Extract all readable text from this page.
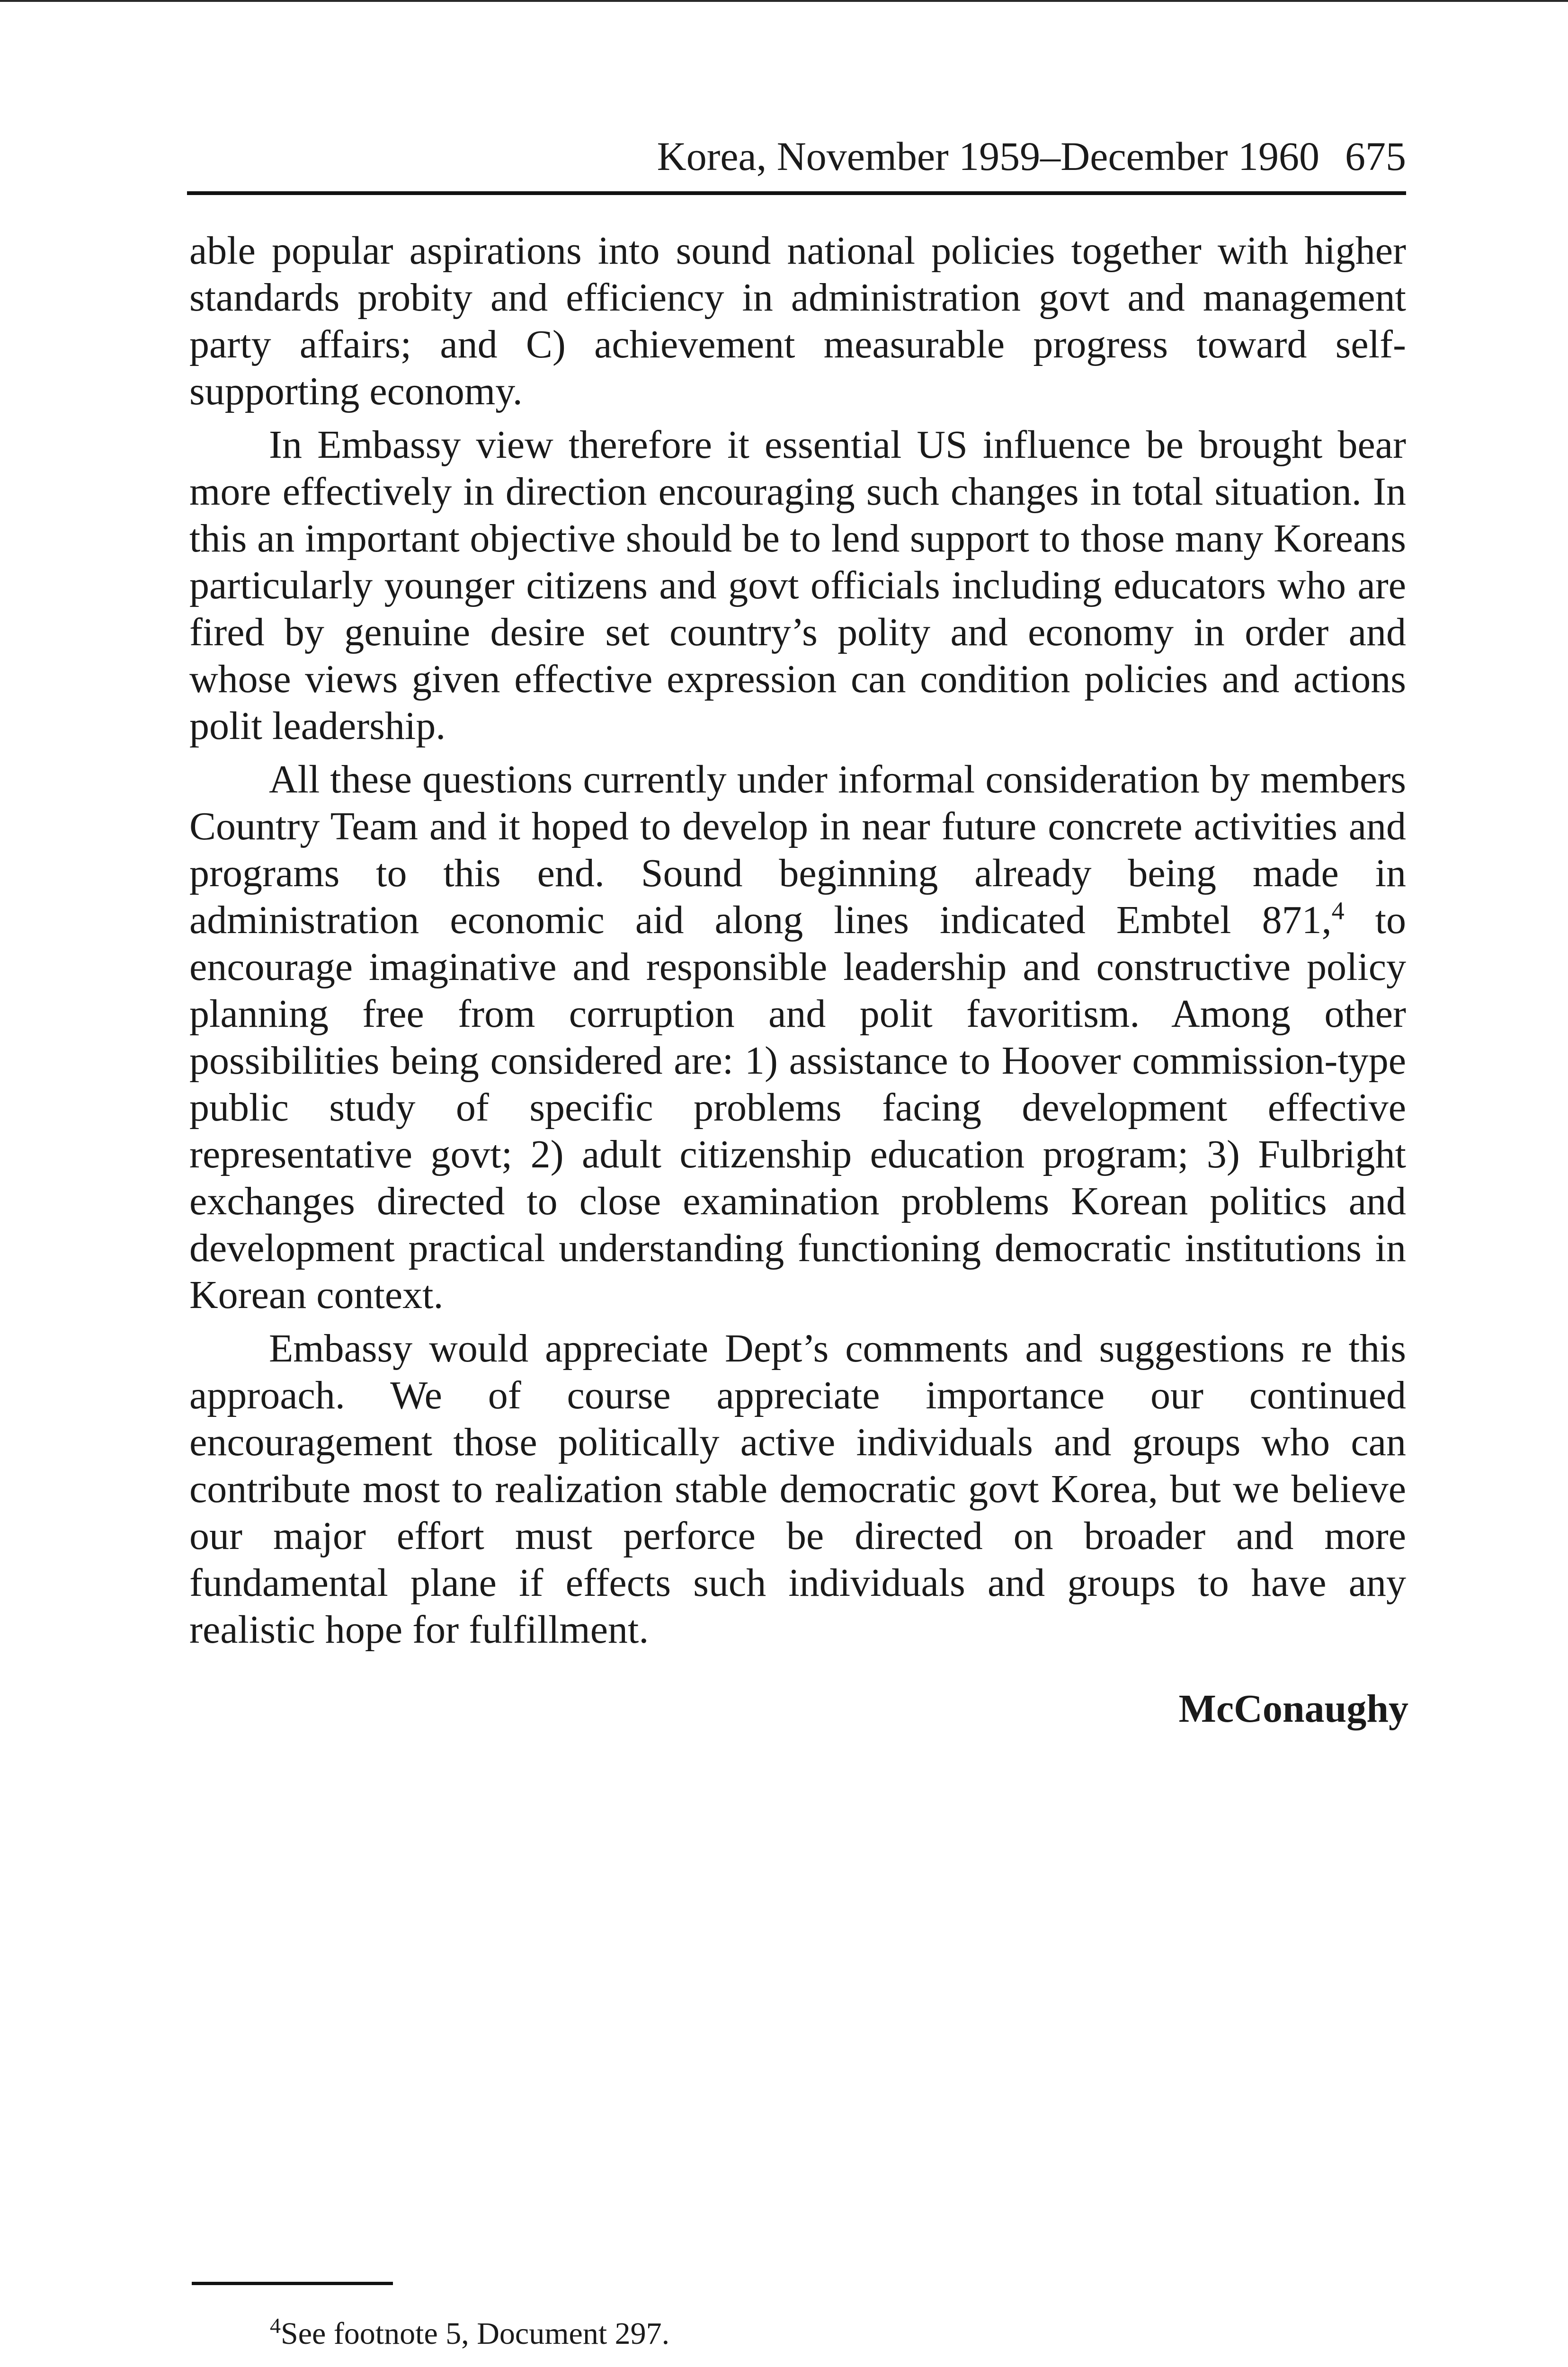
Korea, November 1959–December 1960 675

able popular aspirations into sound national policies together with higher standards probity and efficiency in administration govt and management party affairs; and C) achievement measurable progress toward self-supporting economy.

In Embassy view therefore it essential US influence be brought bear more effectively in direction encouraging such changes in total situation. In this an important objective should be to lend support to those many Koreans particularly younger citizens and govt officials including educators who are fired by genuine desire set country’s polity and economy in order and whose views given effective expression can condition policies and actions polit leadership.

All these questions currently under informal consideration by members Country Team and it hoped to develop in near future concrete activities and programs to this end. Sound beginning already being made in administration economic aid along lines indicated Embtel 871,$^4$ to encourage imaginative and responsible leadership and constructive policy planning free from corruption and polit favoritism. Among other possibilities being considered are: 1) assistance to Hoover commission-type public study of specific problems facing development effective representative govt; 2) adult citizenship education program; 3) Fulbright exchanges directed to close examination problems Korean politics and development practical understanding functioning democratic institutions in Korean context.

Embassy would appreciate Dept’s comments and suggestions re this approach. We of course appreciate importance our continued encouragement those politically active individuals and groups who can contribute most to realization stable democratic govt Korea, but we believe our major effort must perforce be directed on broader and more fundamental plane if effects such individuals and groups to have any realistic hope for fulfillment.

McConaughy
$^4$See footnote 5, Document 297.
